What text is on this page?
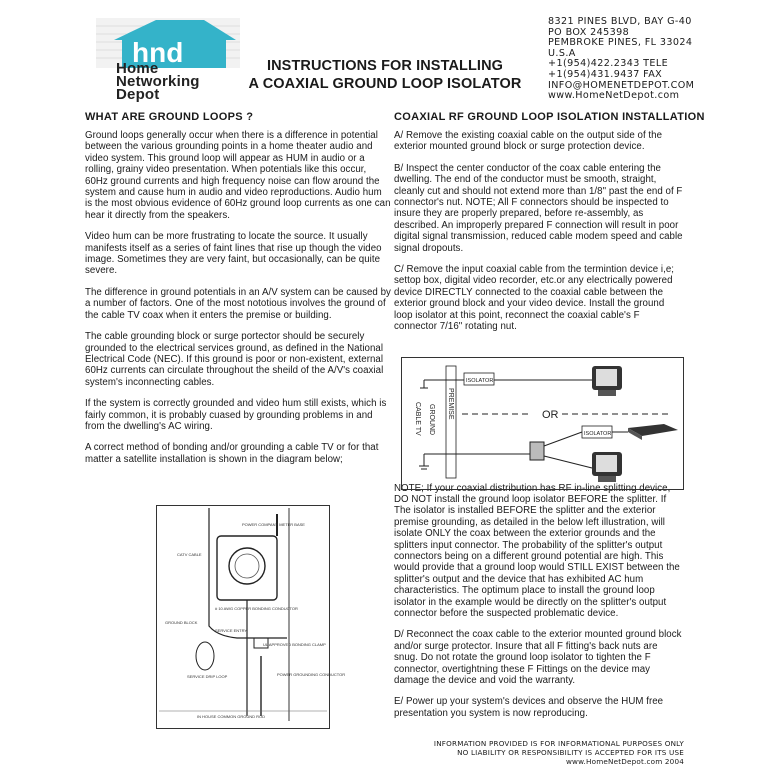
hnd
Home
Networking
Depot
INSTRUCTIONS FOR INSTALLING
A COAXIAL GROUND LOOP ISOLATOR
8321 PINES BLVD, BAY G-40
PO BOX 245398
PEMBROKE PINES, FL 33024
U.S.A
+1(954)422.2343 TELE
+1(954)431.9437 FAX
INFO@HOMENETDEPOT.COM
www.HomeNetDepot.com
WHAT ARE GROUND LOOPS ?

Ground loops generally occur when there is a difference in potential between the various grounding points in a home theater audio and video system. This ground loop will appear as HUM in audio or a rolling, grainy video presentation. When potentials like this occur, 60Hz ground currents and high frequency noise can flow around the system and cause hum in audio and video reproductions. Audio hum is the most obvious evidence of 60Hz ground loop currents as one can hear it directly from the speakers.

Video hum can be more frustrating to locate the source. It usually manifests itself as a series of faint lines that rise up though the video image. Sometimes they are very faint, but occasionally, can be quite severe.

The difference in ground potentials in an A/V system can be caused by a number of factors. One of the most nototious involves the ground of the cable TV coax when it enters the premise or building.

The cable grounding block or surge portector should be securely grounded to the electrical services ground, as defined in the National Electrical Code (NEC). If this ground is poor or non-existent, external 60Hz currents can circulate throughout the sheild of the A/V's coaxial system's inconnecting cables.

If the system is correctly grounded and video hum still exists, which is fairly common, it is probably cuased by grounding problems in and from the dwelling's AC wiring.

A correct method of bonding and/or grounding a cable TV or for that matter a satellite installation is shown in the diagram below;

POWER COMPANY METER BASE
CATV CABLE
# 10 AWG COPPER BONDING CONDUCTOR
GROUND BLOCK
SERVICE ENTRY
UL APPROVED BONDING CLAMP
SERVICE DRIP LOOP	POWER GROUNDING CONDUCTOR
IN HOUSE COMMON GROUND ROD
COAXIAL RF GROUND LOOP ISOLATION INSTALLATION

A/ Remove the existing coaxial cable on the output side of the exterior mounted ground block or surge protection device.

B/ Inspect the center conductor of the coax cable entering the dwelling. The end of the conductor must be smooth, straight, cleanly cut and should not extend more than 1/8" past the end of F connector's nut. NOTE; All F connectors should be inspected to insure they are properly prepared, before re-assembly, as described. An improperly prepared F connection will result in poor digital signal transmission, reduced cable modem speed and cable signal dropouts.

C/ Remove the input coaxial cable from the termintion device i,e; settop box, digital video recorder, etc.or any electrically powered device DIRECTLY connected to the coaxial cable between the exterior ground block and your video device. Install the ground loop isolator at this point, reconnect the coaxial cable's F connector 7/16" rotating nut.

NOTE; If your coaxial distribution has RF in-line splitting device, DO NOT install the ground loop isolator BEFORE the splitter. If The isolator is installed BEFORE the splitter and the exterior premise grounding, as detailed in the below left illustration, will isolate ONLY the coax between the exterior grounds and the splitters input connector. The probability of the splitter's output connectors being on a different ground potential are high. This would provide that a ground loop would STILL EXIST between the splitter's output and the device that has exhibited AC hum characteristics. The optimum place to install the ground loop isolator in the example would be directly on the splitter's output connector before the suspected problematic device.

D/ Reconnect the coax cable to the exterior mounted ground block and/or surge protector. Insure that all F fitting's back nuts are snug. Do not rotate the ground loop isolator to tighten the F connector, overtightning these F Fittings on the device may damage the device and void the warranty.

E/ Power up your system's devices and observe the HUM free presentation you system is now reproducing.

CABLE TV GROUND
PREMISE
ISOLATOR
OR
ISOLATOR
INFORMATION PROVIDED IS FOR INFORMATIONAL PURPOSES ONLY
NO LIABILITY OR RESPONSIBILITY IS ACCEPTED FOR ITS USE
www.HomeNetDepot.com 2004
